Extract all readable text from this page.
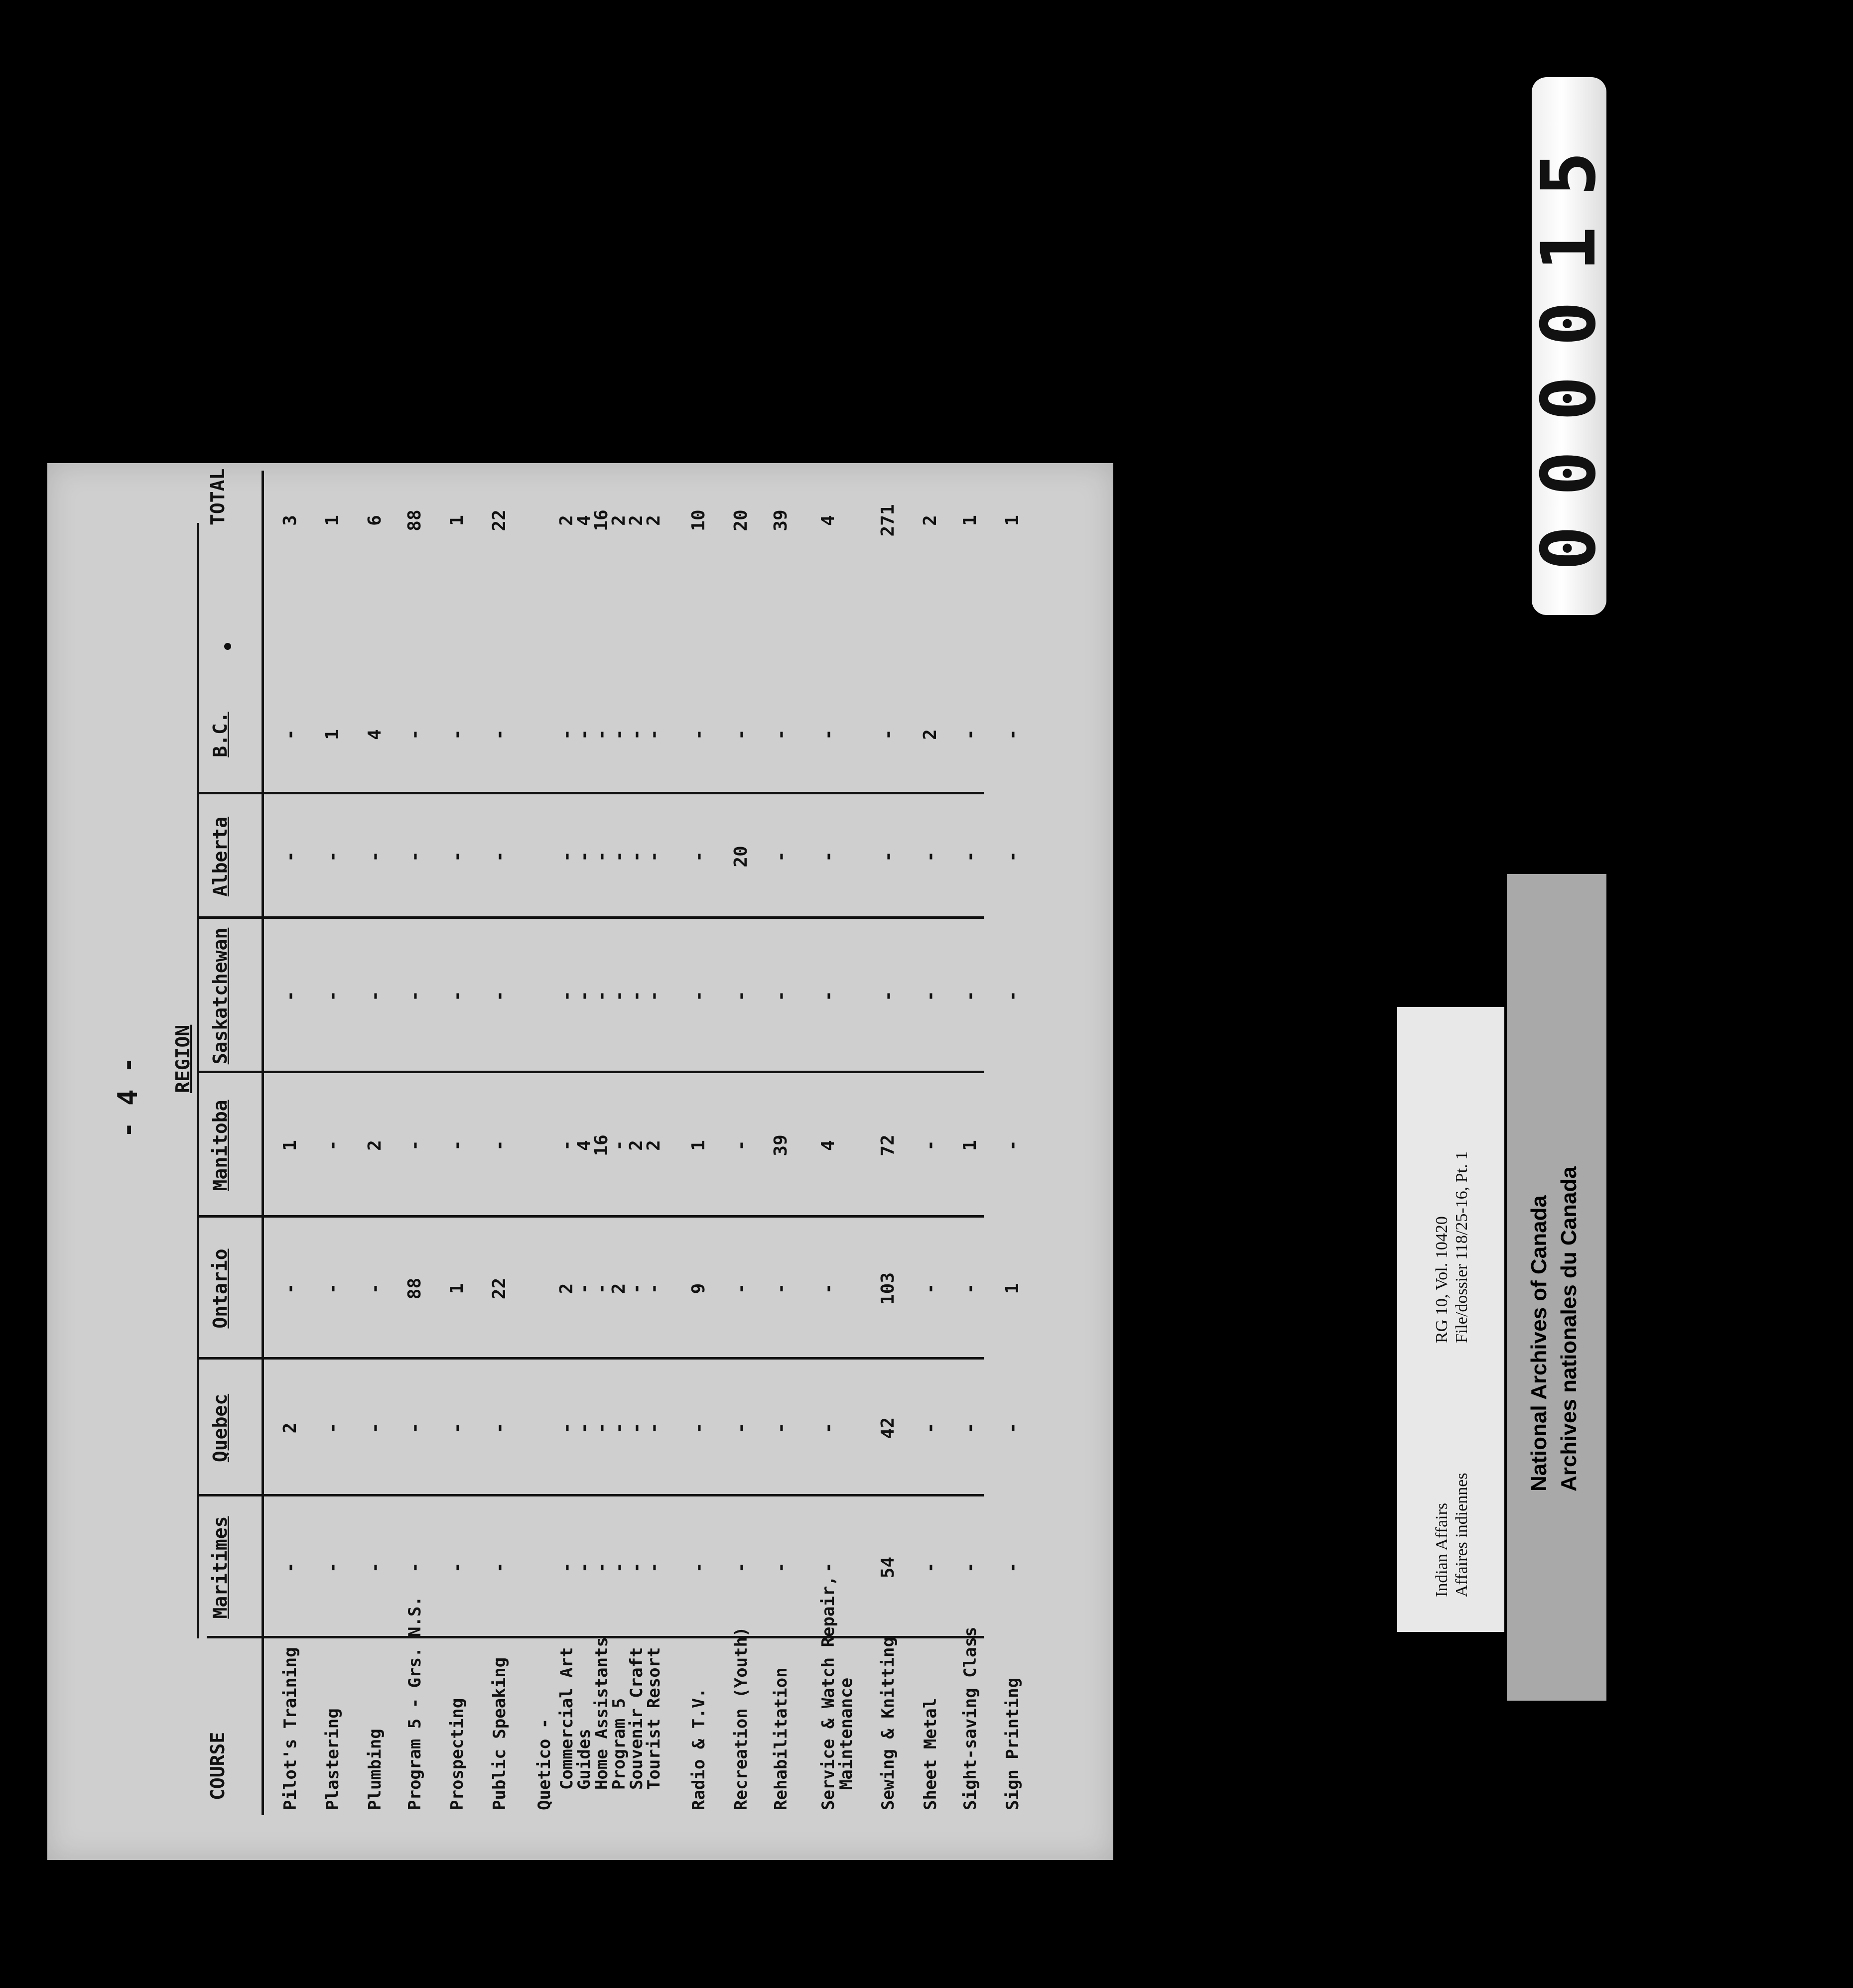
- 4 - REGION
COURSE
TOTAL
Maritimes
Quebec
Ontario
Manitoba
Saskatchewan
Alberta
B.C.
Pilot's Training
-
2
-
1
-
-
-
3
Plastering
-
-
-
-
-
-
1
1
Plumbing
-
-
-
2
-
-
4
6
Program 5 - Grs. N.S.
-
-
88
-
-
-
-
88
Prospecting
-
-
1
-
-
-
-
1
Public Speaking
-
-
22
-
-
-
-
22
Quetico - Commercial Art
-
-
2
-
-
-
-
2
Guides
-
-
-
4
-
-
-
4
Home Assistants
-
-
-
16
-
-
-
16
Program 5
-
-
2
-
-
-
-
2
Souvenir Craft
-
-
-
2
-
-
-
2
Tourist Resort
-
-
-
2
-
-
-
2
Radio & T.V.
-
-
9
1
-
-
-
10
Recreation (Youth)
-
-
-
-
-
20
-
20
Rehabilitation
-
-
-
39
-
-
-
39
Service & Watch Repair,
Maintenance
-
-
-
4
-
-
-
4
Sewing & Knitting
54
42
103
72
-
-
-
271
Sheet Metal
-
-
-
-
-
-
2
2
Sight-saving Class
-
-
-
1
-
-
-
1
Sign Printing
-
-
1
-
-
-
-
1	000015
Indian Affairs Affaires indiennes
RG 10, Vol. 10420 File/dossier 118/25-16, Pt. 1	National Archives of Canada Archives nationales du Canada
